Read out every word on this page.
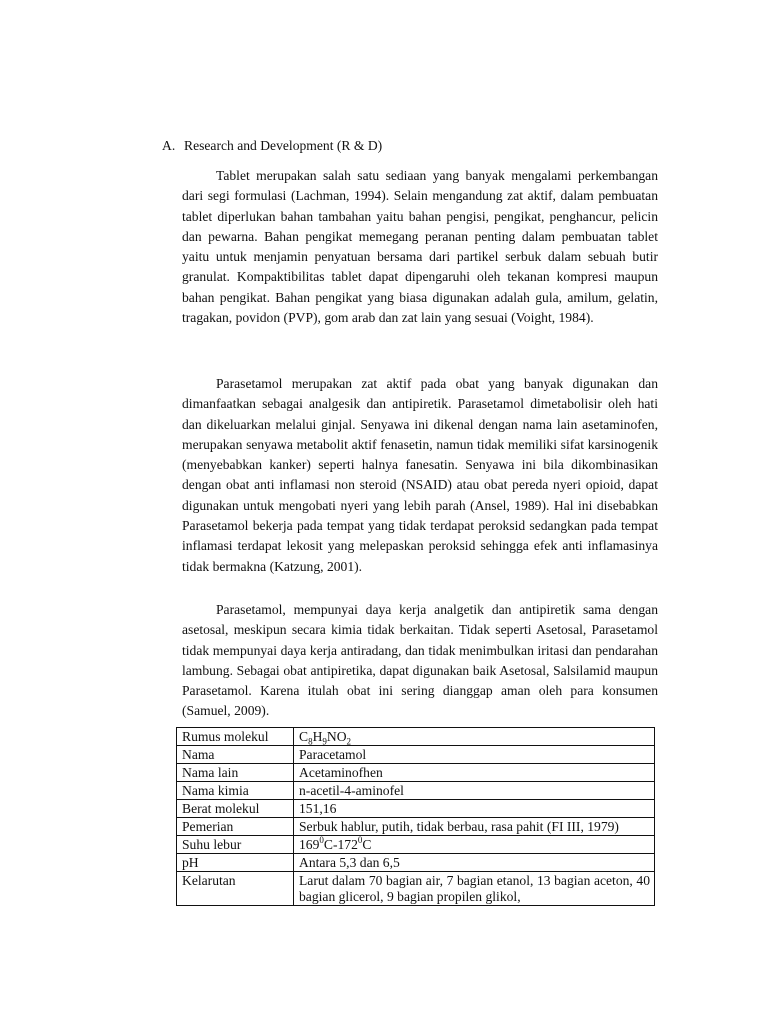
A. Research and Development (R & D)

Tablet merupakan salah satu sediaan yang banyak mengalami perkembangan dari segi formulasi (Lachman, 1994). Selain mengandung zat aktif, dalam pembuatan tablet diperlukan bahan tambahan yaitu bahan pengisi, pengikat, penghancur, pelicin dan pewarna. Bahan pengikat memegang peranan penting dalam pembuatan tablet yaitu untuk menjamin penyatuan bersama dari partikel serbuk dalam sebuah butir granulat. Kompaktibilitas tablet dapat dipengaruhi oleh tekanan kompresi maupun bahan pengikat. Bahan pengikat yang biasa digunakan adalah gula, amilum, gelatin, tragakan, povidon (PVP), gom arab dan zat lain yang sesuai (Voight, 1984).

Parasetamol merupakan zat aktif pada obat yang banyak digunakan dan dimanfaatkan sebagai analgesik dan antipiretik. Parasetamol dimetabolisir oleh hati dan dikeluarkan melalui ginjal. Senyawa ini dikenal dengan nama lain asetaminofen, merupakan senyawa metabolit aktif fenasetin, namun tidak memiliki sifat karsinogenik (menyebabkan kanker) seperti halnya fanesatin. Senyawa ini bila dikombinasikan dengan obat anti inflamasi non steroid (NSAID) atau obat pereda nyeri opioid, dapat digunakan untuk mengobati nyeri yang lebih parah (Ansel, 1989). Hal ini disebabkan Parasetamol bekerja pada tempat yang tidak terdapat peroksid sedangkan pada tempat inflamasi terdapat lekosit yang melepaskan peroksid sehingga efek anti inflamasinya tidak bermakna (Katzung, 2001).

Parasetamol, mempunyai daya kerja analgetik dan antipiretik sama dengan asetosal, meskipun secara kimia tidak berkaitan. Tidak seperti Asetosal, Parasetamol tidak mempunyai daya kerja antiradang, dan tidak menimbulkan iritasi dan pendarahan lambung. Sebagai obat antipiretika, dapat digunakan baik Asetosal, Salsilamid maupun Parasetamol. Karena itulah obat ini sering dianggap aman oleh para konsumen (Samuel, 2009).

Rumus molekul	$C_8H_9NO_2$
Nama	Paracetamol
Nama lain	Acetaminofhen
Nama kimia	n-acetil-4-aminofel
Berat molekul	151,16
Pemerian	Serbuk hablur, putih, tidak berbau, rasa pahit (FI III, 1979)
Suhu lebur	$169^0C-172^0C$
pH	Antara 5,3 dan 6,5
Kelarutan	Larut dalam 70 bagian air, 7 bagian etanol, 13 bagian aceton, 40 bagian glicerol, 9 bagian propilen glikol,
